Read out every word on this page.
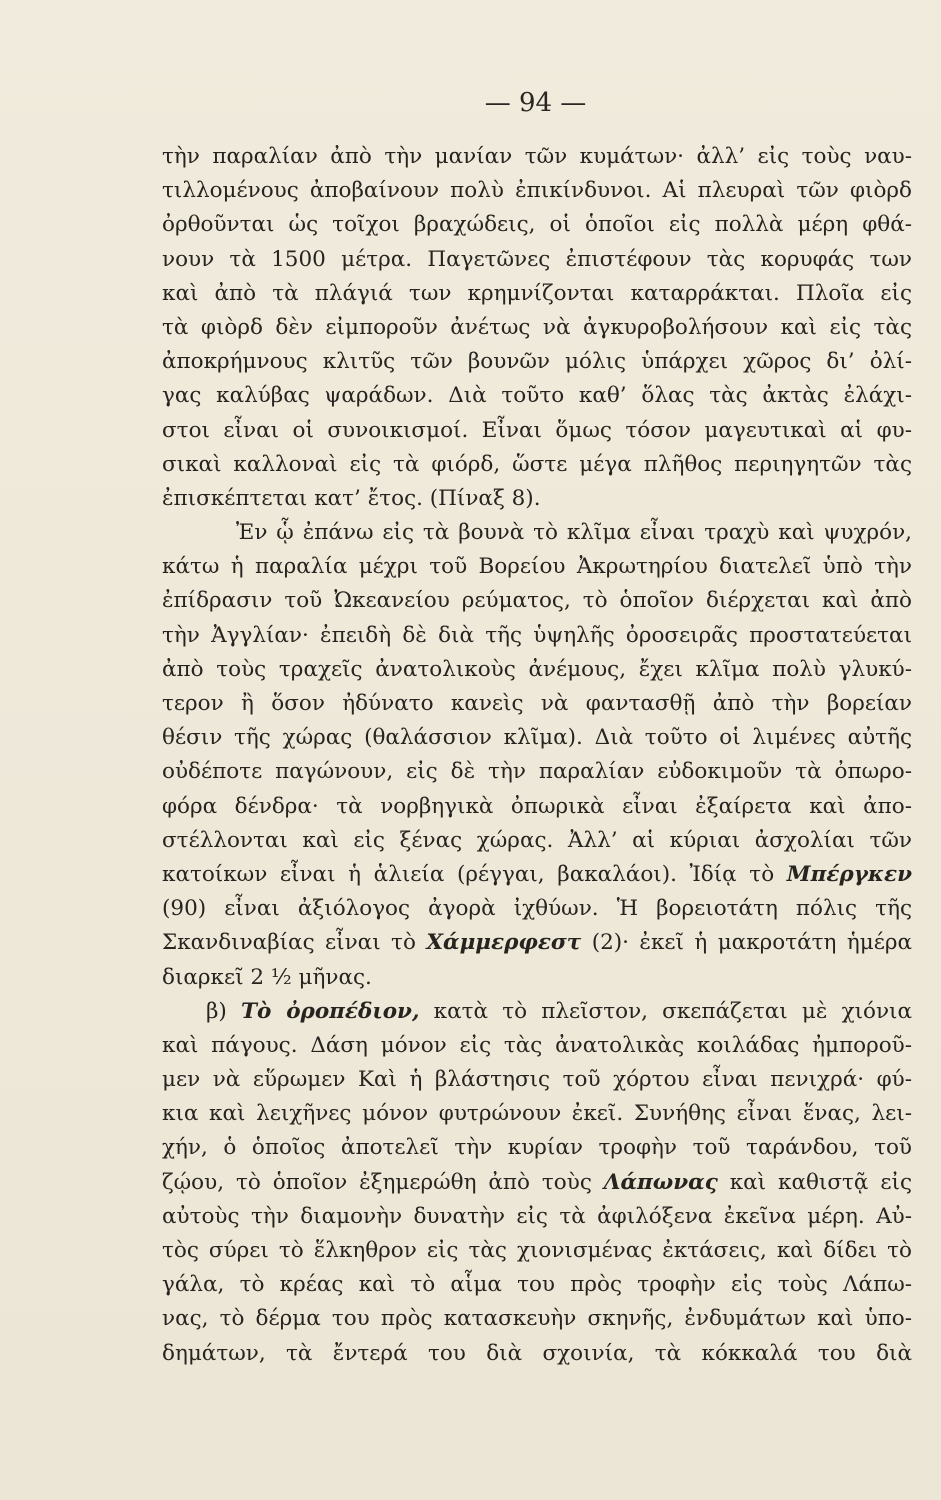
— 94 —
τὴν παραλίαν ἀπὸ τὴν μανίαν τῶν κυμάτων· ἀλλ’ εἰς τοὺς ναυ-
τιλλομένους ἀποβαίνουν πολὺ ἐπικίνδυνοι. Αἱ πλευραὶ τῶν φιὸρδ
ὀρθοῦνται ὡς τοῖχοι βραχώδεις, οἱ ὁποῖοι εἰς πολλὰ μέρη φθά-
νουν τὰ 1500 μέτρα. Παγετῶνες ἐπιστέφουν τὰς κορυφάς των
καὶ ἀπὸ τὰ πλάγιά των κρημνίζονται καταρράκται. Πλοῖα εἰς
τὰ φιὸρδ δὲν εἰμποροῦν ἀνέτως νὰ ἀγκυροβολήσουν καὶ εἰς τὰς
ἀποκρήμνους κλιτῦς τῶν βουνῶν μόλις ὑπάρχει χῶρος δι’ ὀλί-
γας καλύβας ψαράδων. Διὰ τοῦτο καθ’ ὅλας τὰς ἀκτὰς ἐλάχι-
στοι εἶναι οἱ συνοικισμοί. Εἶναι ὅμως τόσον μαγευτικαὶ αἱ φυ-
σικαὶ καλλοναὶ εἰς τὰ φιόρδ, ὥστε μέγα πλῆθος περιηγητῶν τὰς
ἐπισκέπτεται κατ’ ἔτος. (Πίναξ 8).
Ἐν ᾧ ἐπάνω εἰς τὰ βουνὰ τὸ κλῖμα εἶναι τραχὺ καὶ ψυχρόν,
κάτω ἡ παραλία μέχρι τοῦ Βορείου Ἀκρωτηρίου διατελεῖ ὑπὸ τὴν
ἐπίδρασιν τοῦ Ὠκεανείου ρεύματος, τὸ ὁποῖον διέρχεται καὶ ἀπὸ
τὴν Ἀγγλίαν· ἐπειδὴ δὲ διὰ τῆς ὑψηλῆς ὀροσειρᾶς προστατεύεται
ἀπὸ τοὺς τραχεῖς ἀνατολικοὺς ἀνέμους, ἔχει κλῖμα πολὺ γλυκύ-
τερον ἢ ὅσον ἠδύνατο κανεὶς νὰ φαντασθῇ ἀπὸ τὴν βορείαν
θέσιν τῆς χώρας (θαλάσσιον κλῖμα). Διὰ τοῦτο οἱ λιμένες αὐτῆς
οὐδέποτε παγώνουν, εἰς δὲ τὴν παραλίαν εὐδοκιμοῦν τὰ ὀπωρο-
φόρα δένδρα· τὰ νορβηγικὰ ὀπωρικὰ εἶναι ἐξαίρετα καὶ ἀπο-
στέλλονται καὶ εἰς ξένας χώρας. Ἀλλ’ αἱ κύριαι ἀσχολίαι τῶν
κατοίκων εἶναι ἡ ἁλιεία (ρέγγαι, βακαλάοι). Ἰδίᾳ τὸ Μπέργκεν
(90) εἶναι ἀξιόλογος ἀγορὰ ἰχθύων. Ἡ βορειοτάτη πόλις τῆς
Σκανδιναβίας εἶναι τὸ Χάμμερφεστ (2)· ἐκεῖ ἡ μακροτάτη ἡμέρα
διαρκεῖ 2 ½ μῆνας.
β) Τὸ ὀροπέδιον, κατὰ τὸ πλεῖστον, σκεπάζεται μὲ χιόνια
καὶ πάγους. Δάση μόνον εἰς τὰς ἀνατολικὰς κοιλάδας ἠμποροῦ-
μεν νὰ εὕρωμεν Καὶ ἡ βλάστησις τοῦ χόρτου εἶναι πενιχρά· φύ-
κια καὶ λειχῆνες μόνον φυτρώνουν ἐκεῖ. Συνήθης εἶναι ἕνας, λει-
χήν, ὁ ὁποῖος ἀποτελεῖ τὴν κυρίαν τροφὴν τοῦ ταράνδου, τοῦ
ζῴου, τὸ ὁποῖον ἐξημερώθη ἀπὸ τοὺς Λάπωνας καὶ καθιστᾷ εἰς
αὐτοὺς τὴν διαμονὴν δυνατὴν εἰς τὰ ἀφιλόξενα ἐκεῖνα μέρη. Αὐ-
τὸς σύρει τὸ ἕλκηθρον εἰς τὰς χιονισμένας ἐκτάσεις, καὶ δίδει τὸ
γάλα, τὸ κρέας καὶ τὸ αἷμα του πρὸς τροφὴν εἰς τοὺς Λάπω-
νας, τὸ δέρμα του πρὸς κατασκευὴν σκηνῆς, ἐνδυμάτων καὶ ὑπο-
δημάτων, τὰ ἔντερά του διὰ σχοινία, τὰ κόκκαλά του διὰ
